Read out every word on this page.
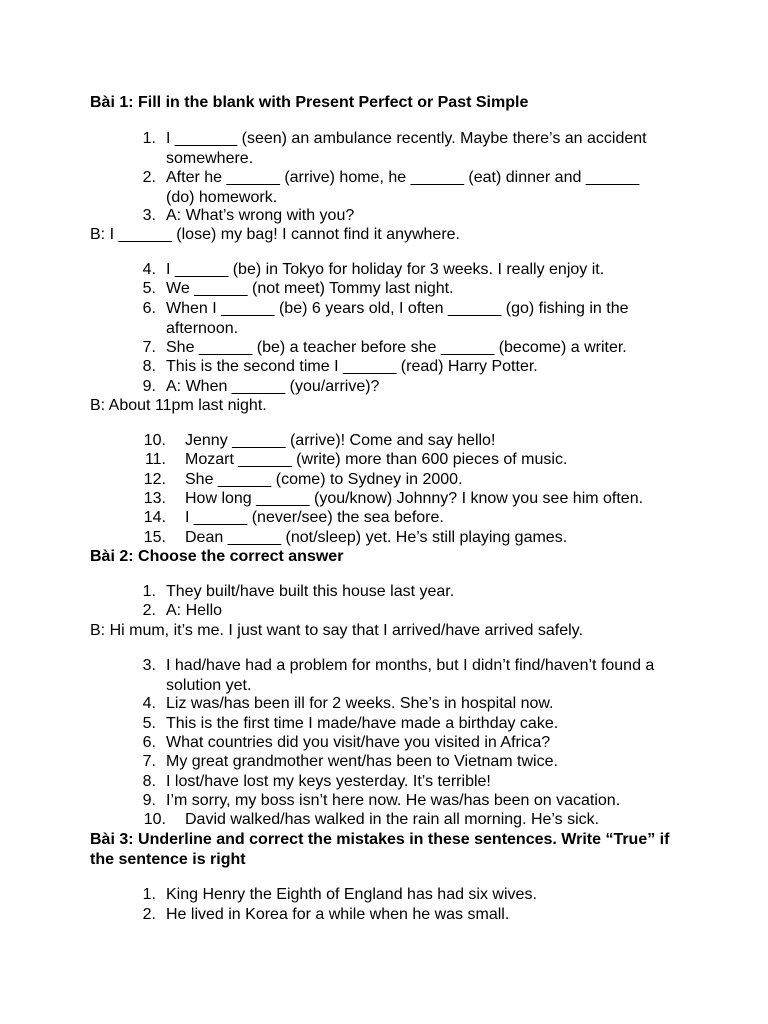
Bài 1: Fill in the blank with Present Perfect or Past Simple
1. I _______ (seen) an ambulance recently. Maybe there’s an accident somewhere.
2. After he ______ (arrive) home, he ______ (eat) dinner and ______ (do) homework.
3. A: What’s wrong with you?
B: I ______ (lose) my bag! I cannot find it anywhere.
4. I ______ (be) in Tokyo for holiday for 3 weeks. I really enjoy it.
5. We ______ (not meet) Tommy last night.
6. When I ______ (be) 6 years old, I often ______ (go) fishing in the afternoon.
7. She ______ (be) a teacher before she ______ (become) a writer.
8. This is the second time I ______ (read) Harry Potter.
9. A: When ______ (you/arrive)?
B: About 11pm last night.
10. Jenny ______ (arrive)! Come and say hello!
11. Mozart ______ (write) more than 600 pieces of music.
12. She ______ (come) to Sydney in 2000.
13. How long ______ (you/know) Johnny? I know you see him often.
14. I ______ (never/see) the sea before.
15. Dean ______ (not/sleep) yet. He’s still playing games.
Bài 2: Choose the correct answer
1. They built/have built this house last year.
2. A: Hello
B: Hi mum, it’s me. I just want to say that I arrived/have arrived safely.
3. I had/have had a problem for months, but I didn’t find/haven’t found a solution yet.
4. Liz was/has been ill for 2 weeks. She’s in hospital now.
5. This is the first time I made/have made a birthday cake.
6. What countries did you visit/have you visited in Africa?
7. My great grandmother went/has been to Vietnam twice.
8. I lost/have lost my keys yesterday. It’s terrible!
9. I’m sorry, my boss isn’t here now. He was/has been on vacation.
10. David walked/has walked in the rain all morning. He’s sick.
Bài 3: Underline and correct the mistakes in these sentences. Write “True” if the sentence is right
1. King Henry the Eighth of England has had six wives.
2. He lived in Korea for a while when he was small.
